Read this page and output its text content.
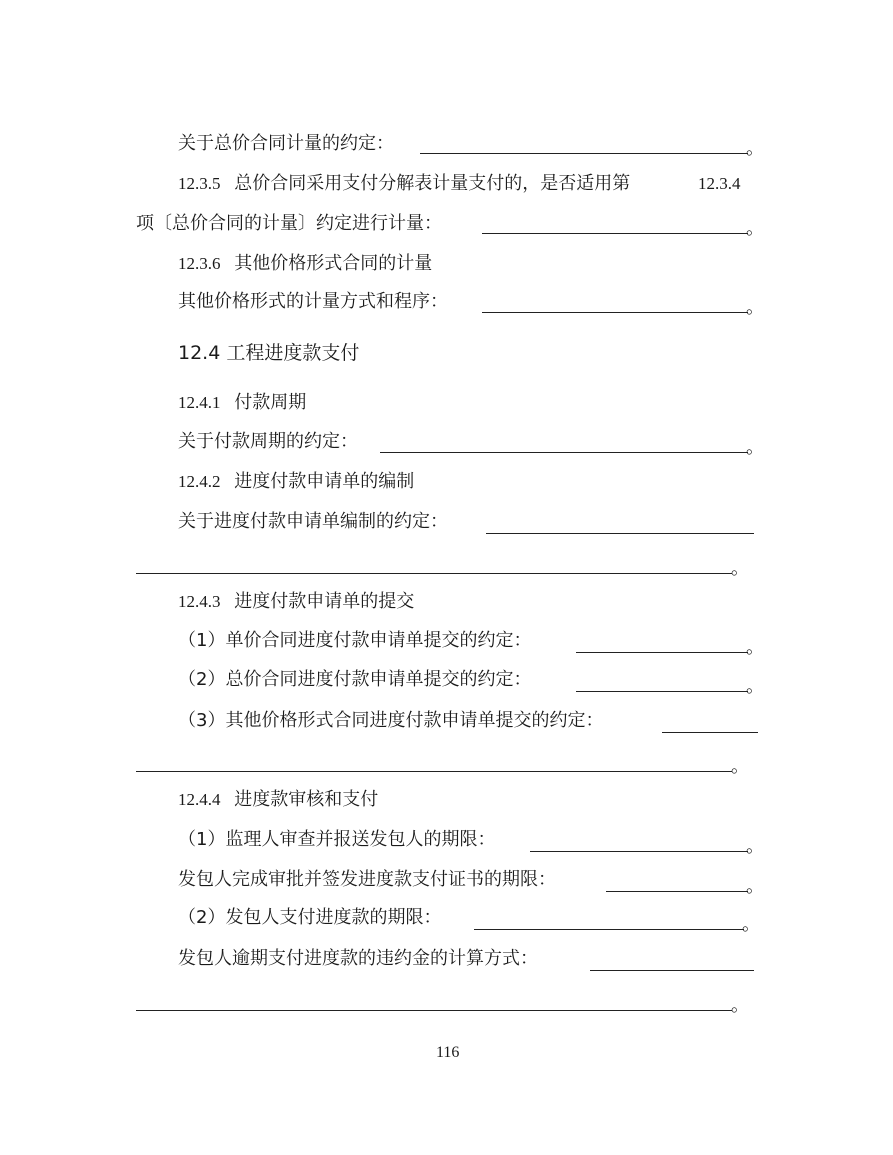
关于总价合同计量的约定：	。
12.3.5 总价合同采用支付分解表计量支付的，是否适用第	12.3.4
项〔总价合同的计量〕约定进行计量：	。
12.3.6 其他价格形式合同的计量
其他价格形式的计量方式和程序：	。
12.4 工程进度款支付
12.4.1 付款周期
关于付款周期的约定：	。
12.4.2 进度付款申请单的编制
关于进度付款申请单编制的约定：
。
12.4.3 进度付款申请单的提交
（1）单价合同进度付款申请单提交的约定：	。
（2）总价合同进度付款申请单提交的约定：	。
（3）其他价格形式合同进度付款申请单提交的约定：
。
12.4.4 进度款审核和支付
（1）监理人审查并报送发包人的期限：	。
发包人完成审批并签发进度款支付证书的期限：	。
（2）发包人支付进度款的期限：	。
发包人逾期支付进度款的违约金的计算方式：
。
116
